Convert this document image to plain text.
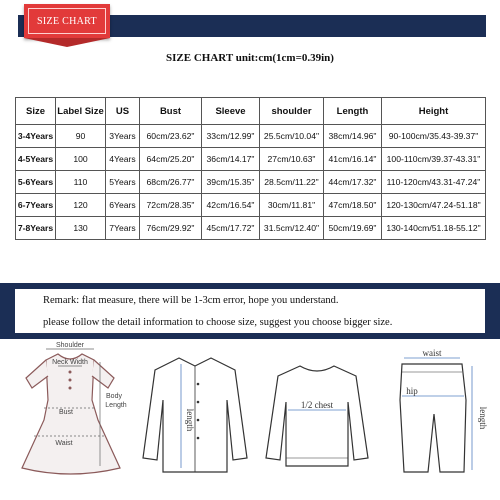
SIZE CHART
SIZE CHART unit:cm(1cm=0.39in)
Size	Label Size	US	Bust	Sleeve	shoulder	Length	Height
3-4Years	90	3Years	60cm/23.62"	33cm/12.99"	25.5cm/10.04"	38cm/14.96"	90-100cm/35.43-39.37"
4-5Years	100	4Years	64cm/25.20"	36cm/14.17"	27cm/10.63"	41cm/16.14"	100-110cm/39.37-43.31"
5-6Years	110	5Years	68cm/26.77"	39cm/15.35"	28.5cm/11.22"	44cm/17.32"	110-120cm/43.31-47.24"
6-7Years	120	6Years	72cm/28.35"	42cm/16.54"	30cm/11.81"	47cm/18.50"	120-130cm/47.24-51.18"
7-8Years	130	7Years	76cm/29.92"	45cm/17.72"	31.5cm/12.40"	50cm/19.69"	130-140cm/51.18-55.12"
Remark: flat measure, there will be 1-3cm error, hope you understand.
please follow the detail information to choose size, suggest you choose bigger size.
Shoulder
Neck Width
Bust
Body
Length
Waist
length
1/2 chest
waist
hip
length
